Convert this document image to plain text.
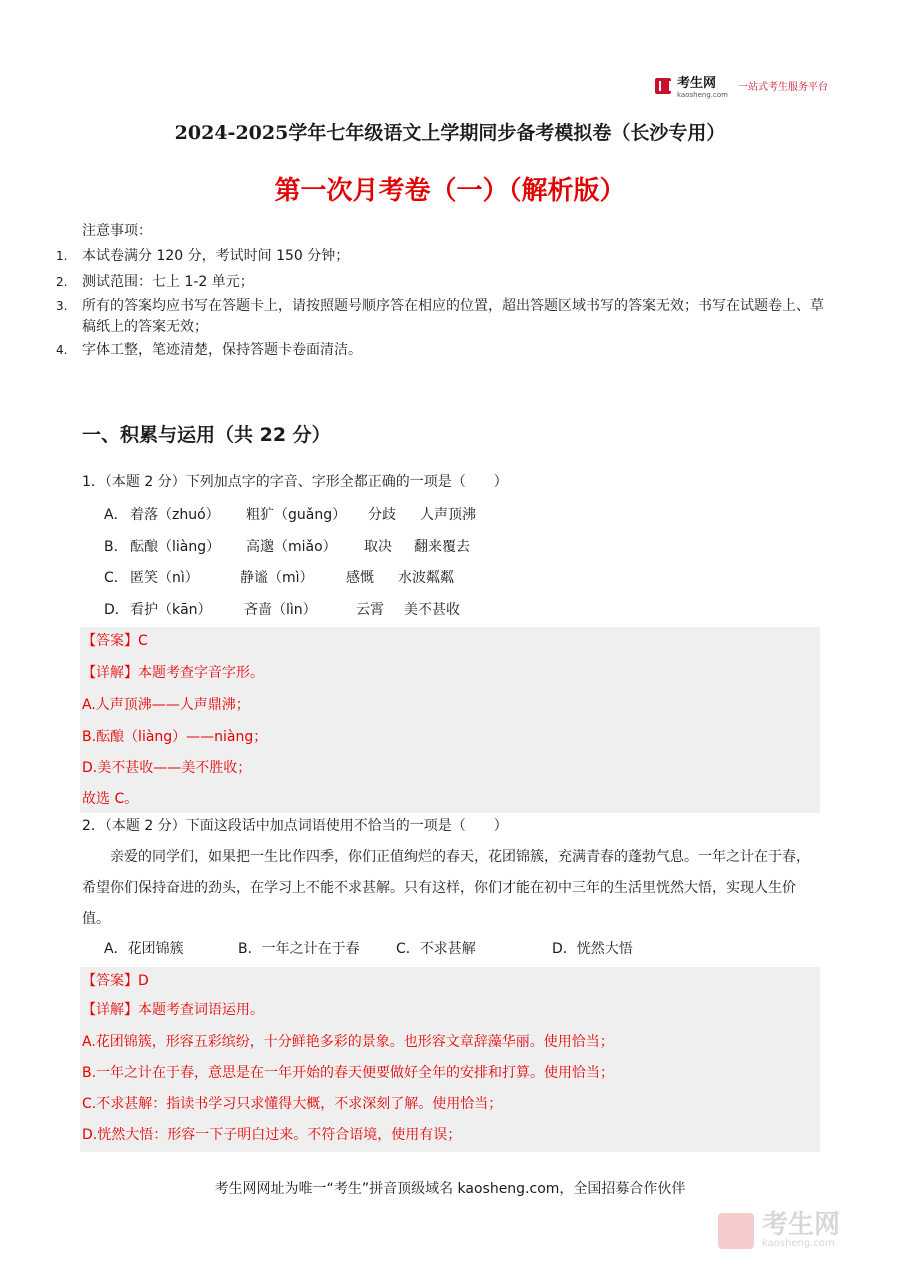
考生网
kaosheng.com
一站式考生服务平台
2024-2025学年七年级语文上学期同步备考模拟卷（长沙专用）
第一次月考卷（一）（解析版）
注意事项：
1. 本试卷满分 120 分，考试时间 150 分钟；
2. 测试范围：七上 1-2 单元；
3. 所有的答案均应书写在答题卡上，请按照题号顺序答在相应的位置，超出答题区域书写的答案无效；书写在试题卷上、草稿纸上的答案无效；
4. 字体工整，笔迹清楚，保持答题卡卷面清洁。
一、积累与运用（共 22 分）
1．（本题 2 分）下列加点字的字音、字形全都正确的一项是（　　）
A． 着落（zhuó） 粗犷（guǎng） 分歧 人声顶沸
B． 酝酿（liàng） 高邈（miǎo） 取决 翻来覆去
C． 匿笑（nì）	静谧（mì） 感慨 水波粼粼
D． 看护（kān） 吝啬（lìn）	云霄 美不甚收
【答案】C
【详解】本题考查字音字形。
A.人声顶沸——人声鼎沸；
B.酝酿（liàng）——niàng；
D.美不甚收——美不胜收；
故选 C。
2．（本题 2 分）下面这段话中加点词语使用不恰当的一项是（　　）
亲爱的同学们，如果把一生比作四季，你们正值绚烂的春天，花团锦簇，充满青春的蓬勃气息。一年之计在于春，希望你们保持奋进的劲头，在学习上不能不求甚解。只有这样，你们才能在初中三年的生活里恍然大悟，实现人生价值。
A．花团锦簇	B．一年之计在于春	C．不求甚解	D．恍然大悟
【答案】D
【详解】本题考查词语运用。
A.花团锦簇，形容五彩缤纷，十分鲜艳多彩的景象。也形容文章辞藻华丽。使用恰当；
B.一年之计在于春，意思是在一年开始的春天便要做好全年的安排和打算。使用恰当；
C.不求甚解：指读书学习只求懂得大概，不求深刻了解。使用恰当；
D.恍然大悟：形容一下子明白过来。不符合语境，使用有误；
考生网网址为唯一“考生”拼音顶级域名 kaosheng.com，全国招募合作伙伴
考生网
kaosheng.com
